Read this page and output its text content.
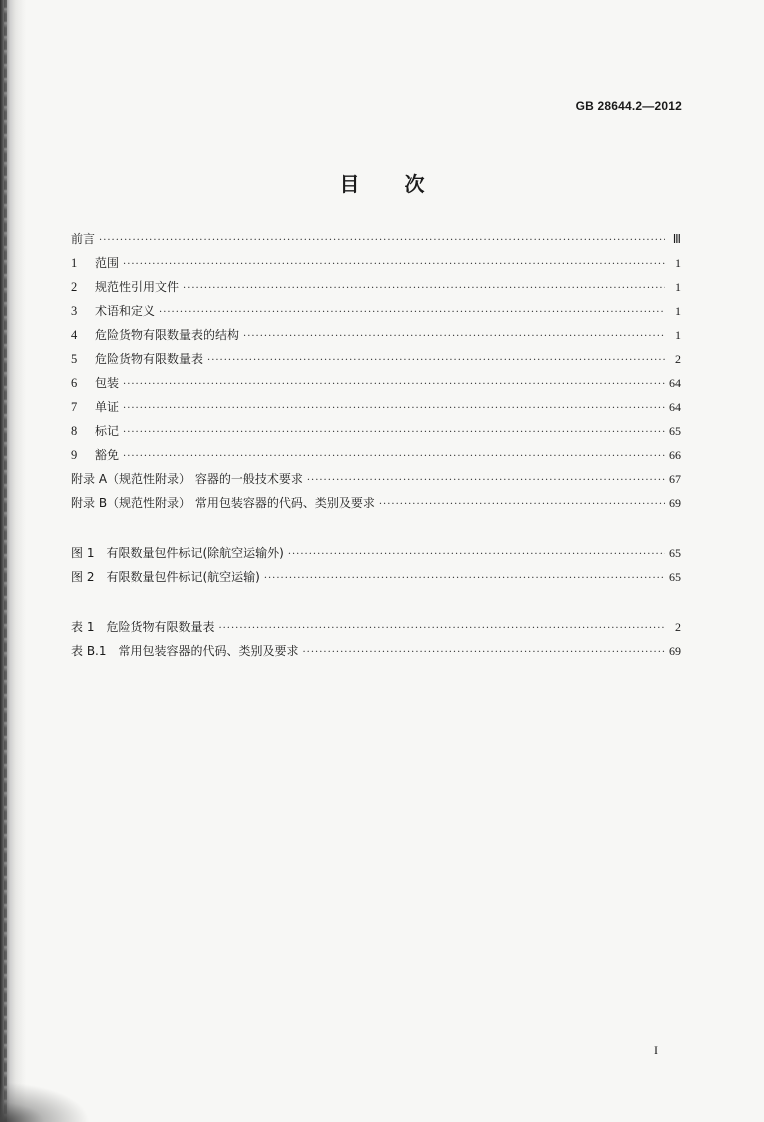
GB 28644.2—2012
目 次
前言 ·····	Ⅲ
1	范围 ·····	1
2	规范性引用文件 ·····	1
3	术语和定义 ·····	1
4	危险货物有限数量表的结构 ·····	1
5	危险货物有限数量表 ·····	2
6	包装 ·····	64
7	单证 ·····	64
8	标记 ·····	65
9	豁免 ·····	66
附录 A（规范性附录） 容器的一般技术要求 ·····	67
附录 B（规范性附录） 常用包装容器的代码、类别及要求 ·····	69
图 1　有限数量包件标记(除航空运输外) ·····	65
图 2　有限数量包件标记(航空运输) ·····	65
表 1　危险货物有限数量表 ·····	2
表 B.1　常用包装容器的代码、类别及要求 ·····	69
I
